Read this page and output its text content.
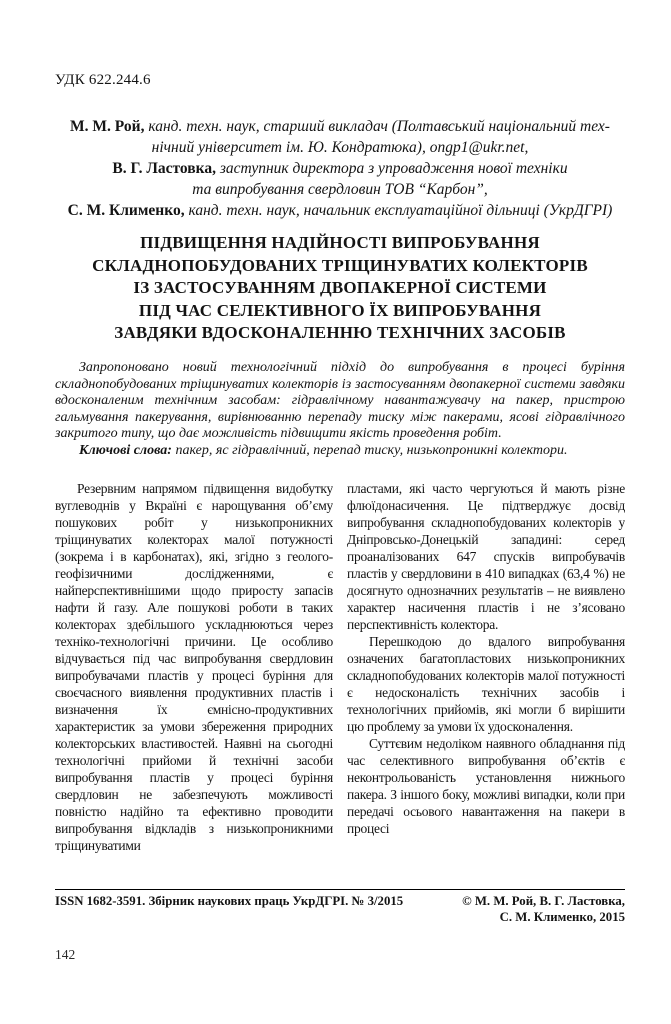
УДК 622.244.6
М. М. Рой, канд. техн. наук, старший викладач (Полтавський національний тех-
нічний університет ім. Ю. Кондратюка), ongp1@ukr.net,
В. Г. Ластовка, заступник директора з упровадження нової техніки
та випробування свердловин ТОВ “Карбон”,
С. М. Клименко, канд. техн. наук, начальник експлуатаційної дільниці (УкрДГРІ)
ПІДВИЩЕННЯ НАДІЙНОСТІ ВИПРОБУВАННЯ
СКЛАДНОПОБУДОВАНИХ ТРІЩИНУВАТИХ КОЛЕКТОРІВ
ІЗ ЗАСТОСУВАННЯМ ДВОПАКЕРНОЇ СИСТЕМИ
ПІД ЧАС СЕЛЕКТИВНОГО ЇХ ВИПРОБУВАННЯ
ЗАВДЯКИ ВДОСКОНАЛЕННЮ ТЕХНІЧНИХ ЗАСОБІВ

Запропоновано новий технологічний підхід до випробування в процесі буріння складнопобудованих тріщинуватих колекторів із застосуванням двопакерної системи завдяки вдосконаленим технічним засобам: гідравлічному навантажувачу на пакер, пристрою гальмування пакерування, вирівнюванню перепаду тиску між пакерами, ясові гідравлічного закритого типу, що дає можливість підвищити якість проведення робіт.

Ключові слова: пакер, яс гідравлічний, перепад тиску, низькопроникні колектори.

Резервним напрямом підвищення видобутку вуглеводнів у Вкраїні є нарощування об’єму пошукових робіт у низькопроникних тріщинуватих колекторах малої потужності (зокрема і в карбонатах), які, згідно з геолого-геофізичними дослідженнями, є найперспективнішими щодо приросту запасів нафти й газу. Але пошукові роботи в таких колекторах здебільшого ускладнюються через техніко-технологічні причини. Це особливо відчувається під час випробування свердловин випробувачами пластів у процесі буріння для своєчасного виявлення продуктивних пластів і визначення їх ємнісно-продуктивних характеристик за умови збереження природних колекторських властивостей. Наявні на сьогодні технологічні прийоми й технічні засоби випробування пластів у процесі буріння свердловин не забезпечують можливості повністю надійно та ефективно проводити випробування відкладів з низькопроникними тріщинуватими

пластами, які часто чергуються й мають різне флюїдонасичення. Це підтверджує досвід випробування складнопобудованих колекторів у Дніпровсько-Донецькій западині: серед проаналізованих 647 спусків випробувачів пластів у свердловини в 410 випадках (63,4 %) не досягнуто однозначних результатів – не виявлено характер насичення пластів і не з’ясовано перспективність колектора.

Перешкодою до вдалого випробування означених багатопластових низькопроникних складнопобудованих колекторів малої потужності є недосконалість технічних засобів і технологічних прийомів, які могли б вирішити цю проблему за умови їх удосконалення.

Суттєвим недоліком наявного обладнання під час селективного випробування об’єктів є неконтрольованість установлення нижнього пакера. З іншого боку, можливі випадки, коли при передачі осьового навантаження на пакери в процесі

ISSN 1682-3591. Збірник наукових праць УкрДГРІ. № 3/2015	© М. М. Рой, В. Г. Ластовка,
С. М. Клименко, 2015
142
